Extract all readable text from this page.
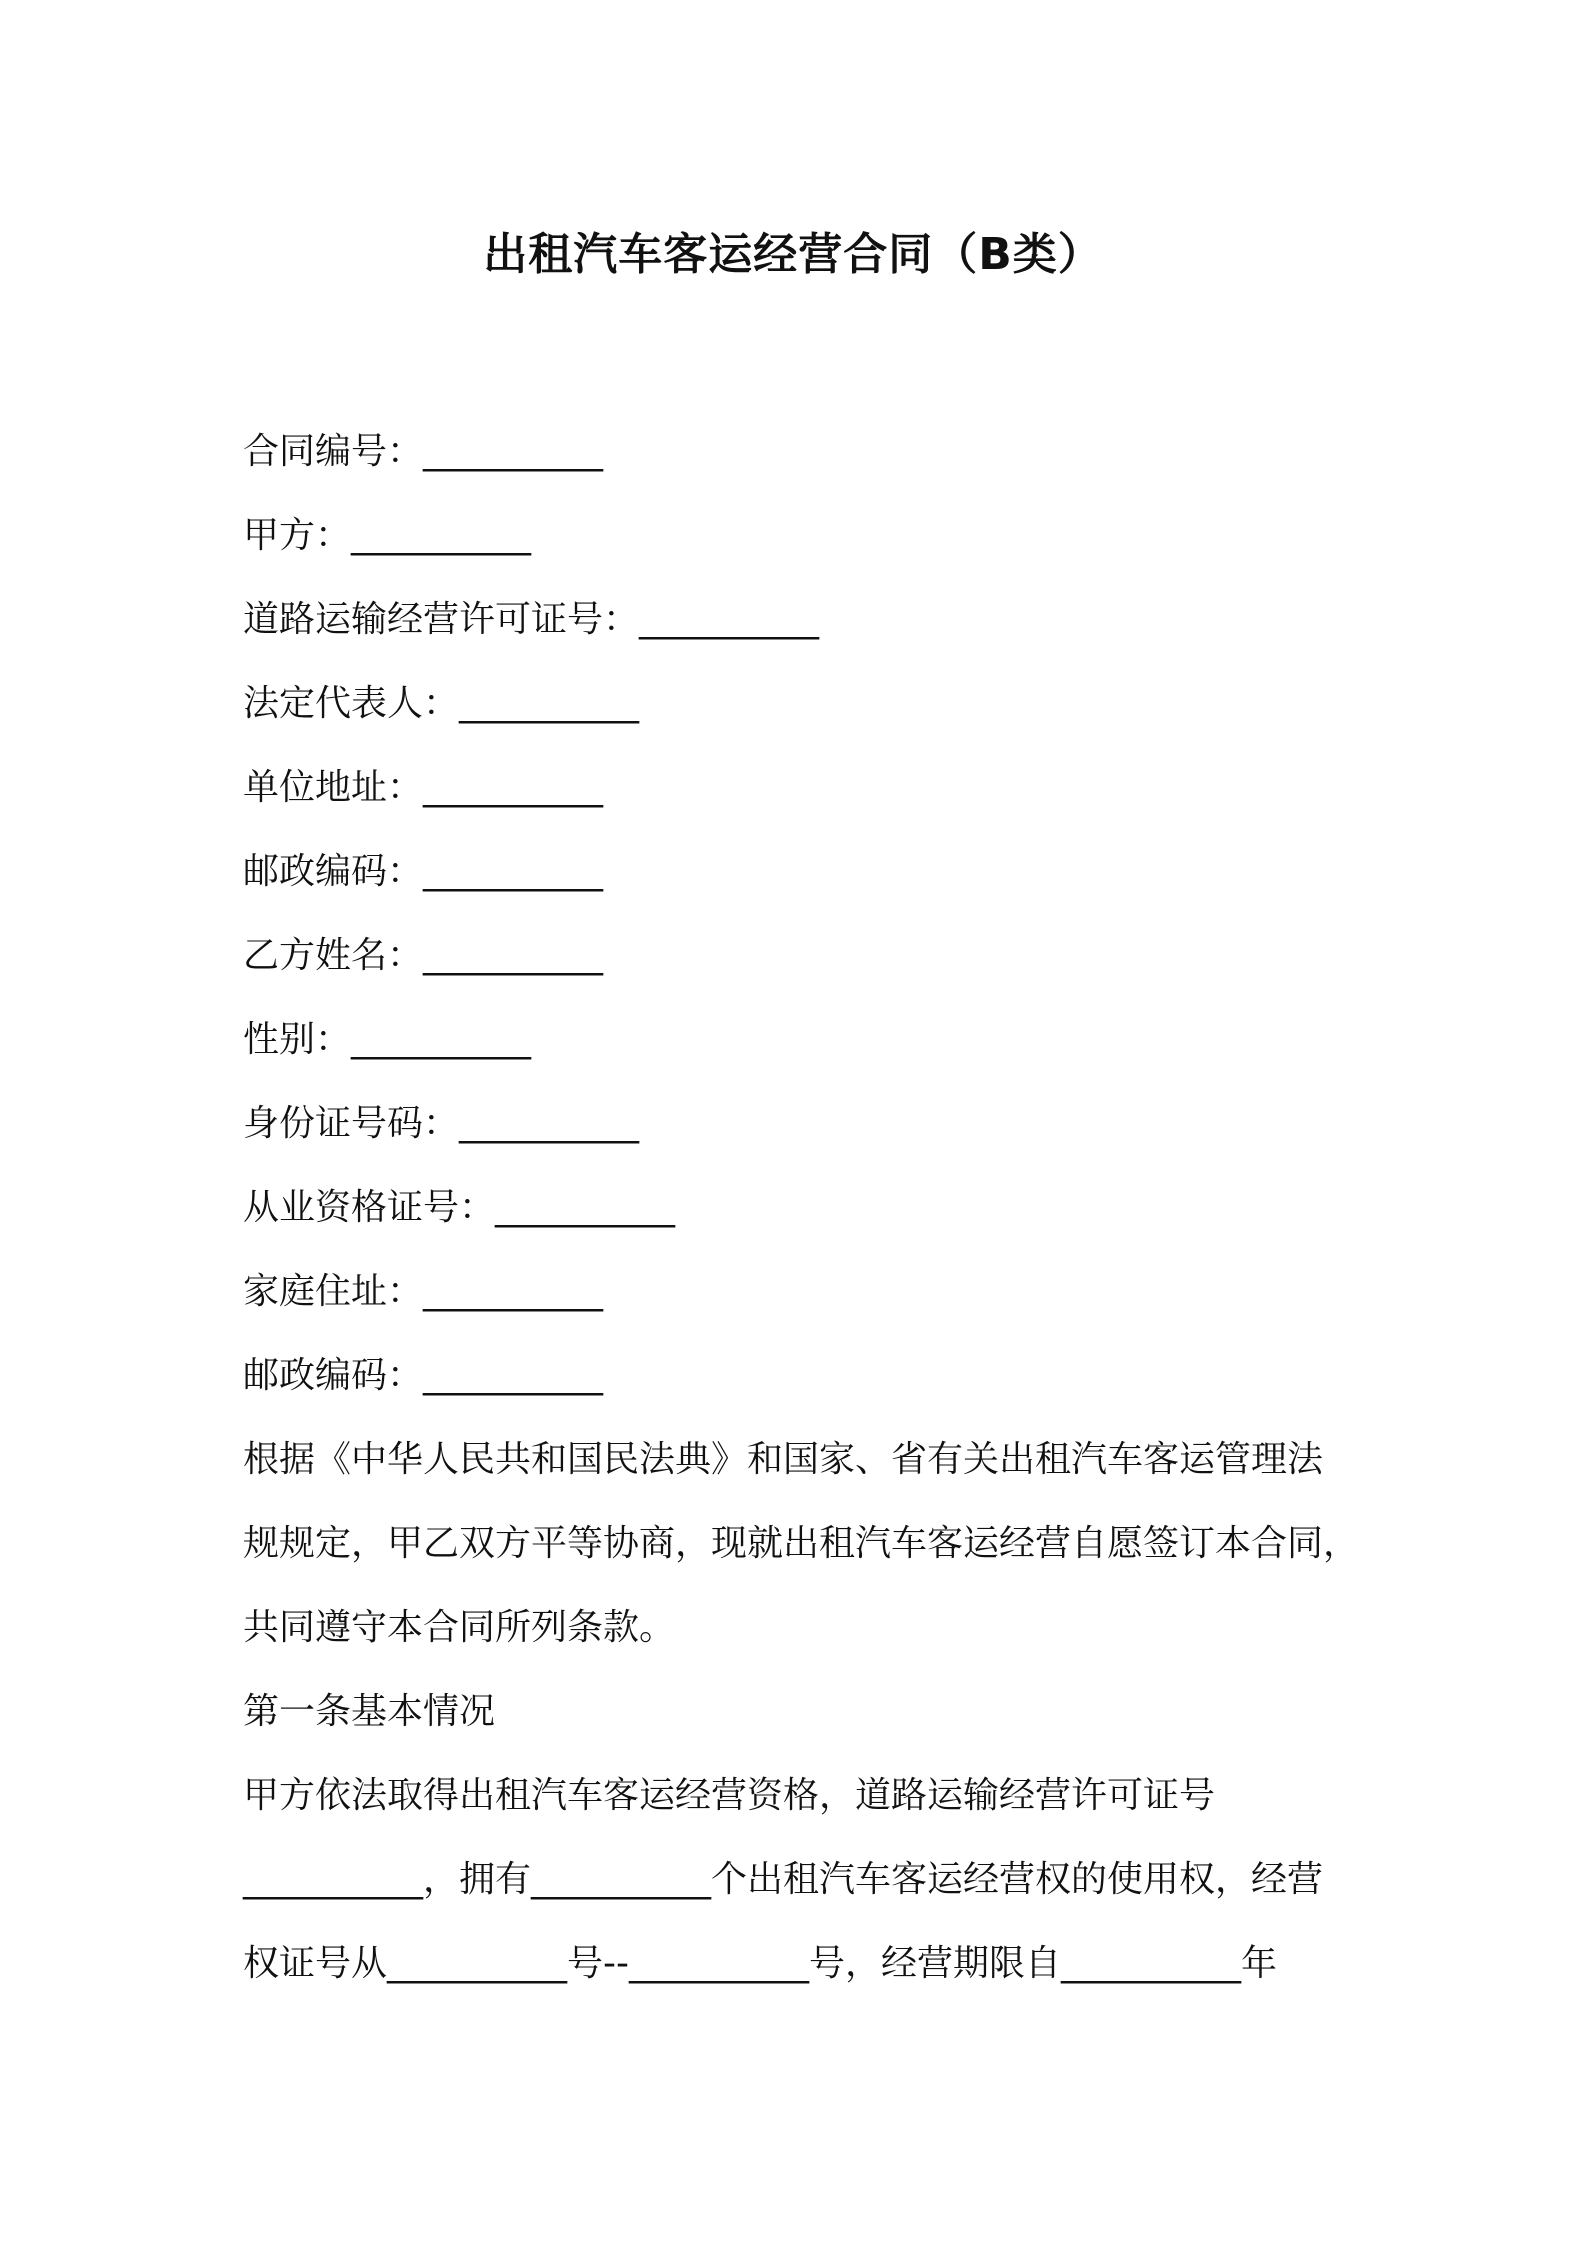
出租汽车客运经营合同（B类）
合同编号：__________
甲方：__________
道路运输经营许可证号：__________
法定代表人：__________
单位地址：__________
邮政编码：__________
乙方姓名：__________
性别：__________
身份证号码：__________
从业资格证号：__________
家庭住址：__________
邮政编码：__________
根据《中华人民共和国民法典》和国家、省有关出租汽车客运管理法
规规定，甲乙双方平等协商，现就出租汽车客运经营自愿签订本合同，
共同遵守本合同所列条款。
第一条基本情况
甲方依法取得出租汽车客运经营资格，道路运输经营许可证号
__________，拥有__________个出租汽车客运经营权的使用权，经营
权证号从__________号--__________号，经营期限自__________年
